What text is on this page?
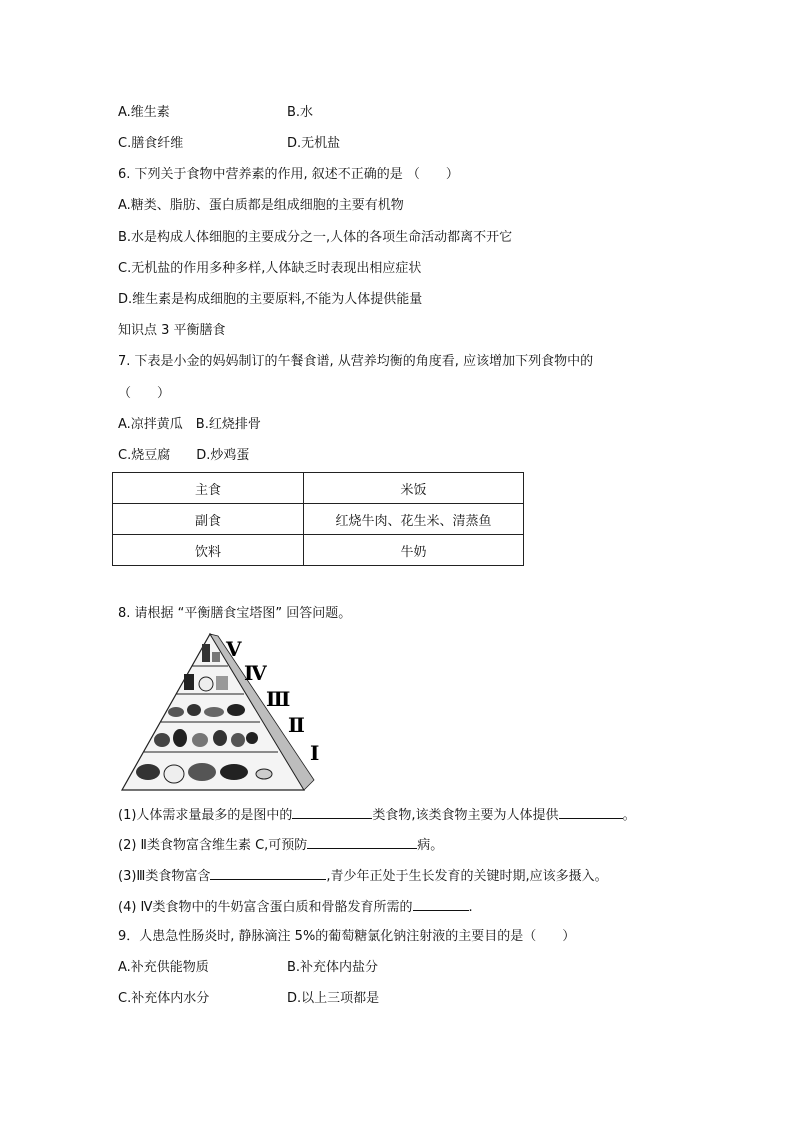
A.维生素	B.水
C.膳食纤维	D.无机盐
6. 下列关于食物中营养素的作用, 叙述不正确的是 （　　）
A.糖类、脂肪、蛋白质都是组成细胞的主要有机物
B.水是构成人体细胞的主要成分之一,人体的各项生命活动都离不开它
C.无机盐的作用多种多样,人体缺乏时表现出相应症状
D.维生素是构成细胞的主要原料,不能为人体提供能量
知识点 3 平衡膳食
7. 下表是小金的妈妈制订的午餐食谱, 从营养均衡的角度看, 应该增加下列食物中的
（　　）
A.凉拌黄瓜　B.红烧排骨
C.烧豆腐　　D.炒鸡蛋
主食	米饭
副食	红烧牛肉、花生米、清蒸鱼
饮料	牛奶
8. 请根据 “平衡膳食宝塔图” 回答问题。
Ⅴ
Ⅳ
Ⅲ
Ⅱ
Ⅰ
(1)人体需求量最多的是图中的	类食物,该类食物主要为人体提供	。
(2) Ⅱ类食物富含维生素 C,可预防	病。
(3)Ⅲ类食物富含	,青少年正处于生长发育的关键时期,应该多摄入。
(4) Ⅳ类食物中的牛奶富含蛋白质和骨骼发育所需的	.
9．人患急性肠炎时, 静脉滴注 5%的葡萄糖氯化钠注射液的主要目的是（　　）
A.补充供能物质	B.补充体内盐分
C.补充体内水分	D.以上三项都是
